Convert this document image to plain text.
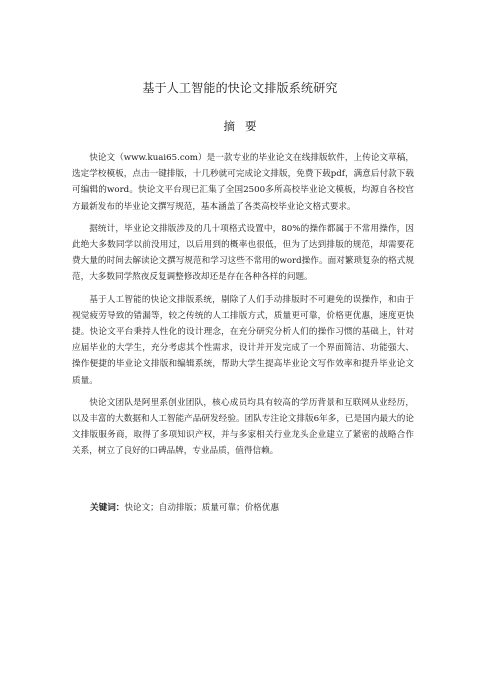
基于人工智能的快论文排版系统研究
摘要

快论文（www.kuai65.com）是一款专业的毕业论文在线排版软件，上传论文草稿，选定学校模板，点击一键排版，十几秒就可完成论文排版，免费下载pdf，满意后付款下载可编辑的word。快论文平台现已汇集了全国2500多所高校毕业论文模板，均源自各校官方最新发布的毕业论文撰写规范，基本涵盖了各类高校毕业论文格式要求。

据统计，毕业论文排版涉及的几十项格式设置中，80%的操作都属于不常用操作，因此绝大多数同学以前没用过，以后用到的概率也很低，但为了达到排版的规范，却需要花费大量的时间去解读论文撰写规范和学习这些不常用的word操作。面对繁琐复杂的格式规范，大多数同学熬夜反复调整修改却还是存在各种各样的问题。

基于人工智能的快论文排版系统，剔除了人们手动排版时不可避免的误操作，和由于视觉疲劳导致的错漏等，较之传统的人工排版方式，质量更可靠，价格更优惠，速度更快捷。快论文平台秉持人性化的设计理念，在充分研究分析人们的操作习惯的基础上，针对应届毕业的大学生，充分考虑其个性需求，设计并开发完成了一个界面简洁、功能强大、操作便捷的毕业论文排版和编辑系统，帮助大学生提高毕业论文写作效率和提升毕业论文质量。

快论文团队是阿里系创业团队，核心成员均具有较高的学历背景和互联网从业经历，以及丰富的大数据和人工智能产品研发经验。团队专注论文排版6年多，已是国内最大的论文排版服务商，取得了多项知识产权，并与多家相关行业龙头企业建立了紧密的战略合作关系，树立了良好的口碑品牌，专业品质，值得信赖。

关键词：快论文；自动排版；质量可靠；价格优惠
